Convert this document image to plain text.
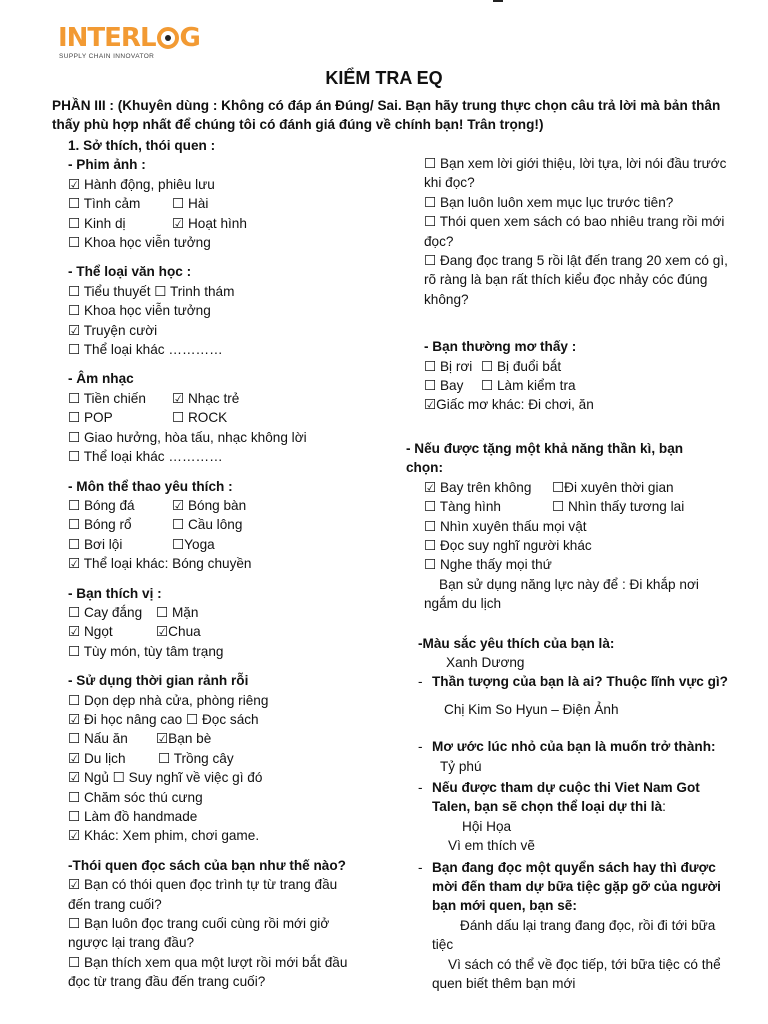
INTERL G
SUPPLY CHAIN INNOVATOR
KIỂM TRA EQ
PHẦN III : (Khuyên dùng : Không có đáp án Đúng/ Sai. Bạn hãy trung thực chọn câu trả lời mà bản thân thấy phù hợp nhất để chúng tôi có đánh giá đúng về chính bạn! Trân trọng!)
1. Sở thích, thói quen :
- Phim ảnh :
☑ Hành động, phiêu lưu
☐ Tình cảm ☐ Hài
☐ Kinh dị	☑ Hoạt hình
☐ Khoa học viễn tưởng
- Thể loại văn học :
☐ Tiểu thuyết ☐ Trinh thám
☐ Khoa học viễn tưởng
☑ Truyện cười
☐ Thể loại khác …………
- Âm nhạc
☐ Tiền chiến ☑ Nhạc trẻ
☐ POP	☐ ROCK
☐ Giao hưởng, hòa tấu, nhạc không lời
☐ Thể loại khác …………
- Môn thể thao yêu thích :
☐ Bóng đá	☑ Bóng bàn
☐ Bóng rổ	☐ Cầu lông
☐ Bơi lội	☐Yoga
☑ Thể loại khác: Bóng chuyền
- Bạn thích vị :
☐ Cay đắng ☐ Mặn
☑ Ngọt	☑Chua
☐ Tùy món, tùy tâm trạng
- Sử dụng thời gian rảnh rỗi
☐ Dọn dẹp nhà cửa, phòng riêng
☑ Đi học nâng cao ☐ Đọc sách
☐ Nấu ăn ☑Bạn bè
☑ Du lịch ☐ Trồng cây
☑ Ngủ ☐ Suy nghĩ về việc gì đó
☐ Chăm sóc thú cưng
☐ Làm đồ handmade
☑ Khác: Xem phim, chơi game.
-Thói quen đọc sách của bạn như thế nào?
☑ Bạn có thói quen đọc trình tự từ trang đầu đến trang cuối?
☐ Bạn luôn đọc trang cuối cùng rồi mới giở ngược lại trang đầu?
☐ Bạn thích xem qua một lượt rồi mới bắt đầu đọc từ trang đầu đến trang cuối?
☐ Bạn xem lời giới thiệu, lời tựa, lời nói đầu trước khi đọc?
☐ Bạn luôn luôn xem mục lục trước tiên?
☐ Thói quen xem sách có bao nhiêu trang rồi mới đọc?
☐ Đang đọc trang 5 rồi lật đến trang 20 xem có gì, rõ ràng là bạn rất thích kiểu đọc nhảy cóc đúng không?
- Bạn thường mơ thấy :
☐ Bị rơi ☐ Bị đuổi bắt
☐ Bay ☐ Làm kiểm tra
☑Giấc mơ khác: Đi chơi, ăn
- Nếu được tặng một khả năng thần kì, bạn chọn:
☑ Bay trên không ☐Đi xuyên thời gian
☐ Tàng hình	☐ Nhìn thấy tương lai
☐ Nhìn xuyên thấu mọi vật
☐ Đọc suy nghĩ người khác
☐ Nghe thấy mọi thứ
Bạn sử dụng năng lực này để : Đi khắp nơi ngắm du lịch
-Màu sắc yêu thích của bạn là:
Xanh Dương
- Thần tượng của bạn là ai? Thuộc lĩnh vực gì?
Chị Kim So Hyun – Điện Ảnh
- Mơ ước lúc nhỏ của bạn là muốn trở thành:
Tỷ phú
- Nếu được tham dự cuộc thi Viet Nam Got Talen, bạn sẽ chọn thể loại dự thi là:
Hội Họa
Vì em thích vẽ
- Bạn đang đọc một quyển sách hay thì được mời đến tham dự bữa tiệc gặp gỡ của người bạn mới quen, bạn sẽ:
Đánh dấu lại trang đang đọc, rồi đi tới bữa tiệc
Vì sách có thể về đọc tiếp, tới bữa tiệc có thể quen biết thêm bạn mới
